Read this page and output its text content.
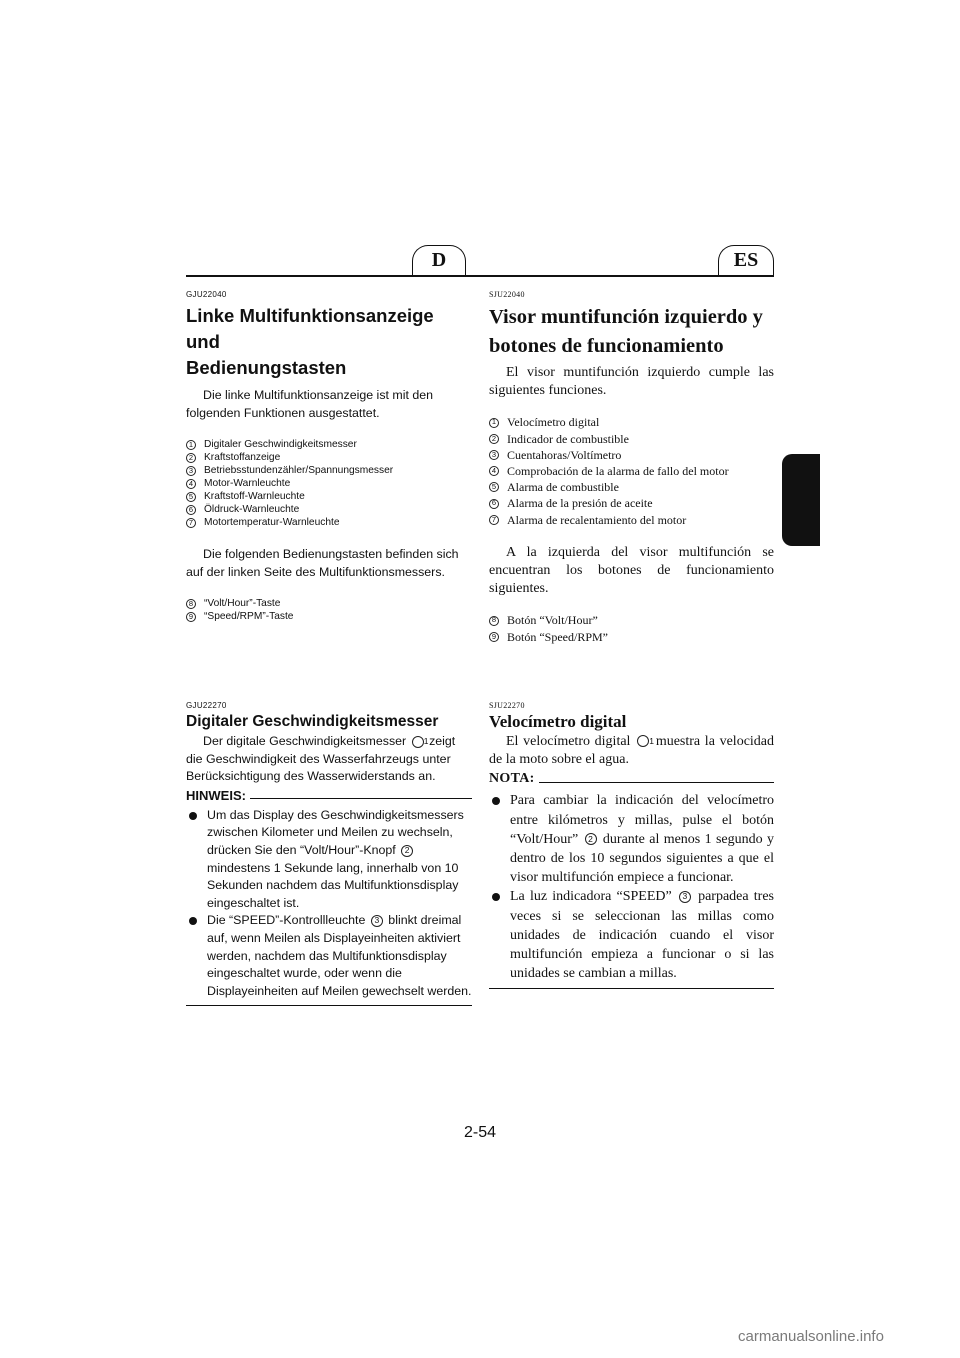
D	ES

GJU22040

Linke Multifunktionsanzeige und
Bedienungstasten

Die linke Multifunktionsanzeige ist mit den folgenden Funktionen ausgestattet.

1 Digitaler Geschwindigkeitsmesser
2 Kraftstoffanzeige
3 Betriebsstundenzähler/Spannungsmesser
4 Motor-Warnleuchte
5 Kraftstoff-Warnleuchte
6 Öldruck-Warnleuchte
7 Motortemperatur-Warnleuchte

Die folgenden Bedienungstasten befinden sich auf der linken Seite des Multifunktionsmessers.

8 “Volt/Hour”-Taste
9 “Speed/RPM”-Taste

SJU22040

Visor muntifunción izquierdo y
botones de funcionamiento

El visor muntifunción izquierdo cumple las siguientes funciones.

1 Velocímetro digital
2 Indicador de combustible
3 Cuentahoras/Voltímetro
4 Comprobación de la alarma de fallo del motor
5 Alarma de combustible
6 Alarma de la presión de aceite
7 Alarma de recalentamiento del motor

A la izquierda del visor multifunción se encuentran los botones de funcionamiento siguientes.

8 Botón “Volt/Hour”
9 Botón “Speed/RPM”

GJU22270

Digitaler Geschwindigkeitsmesser

Der digitale Geschwindigkeitsmesser 1 zeigt die Geschwindigkeit des Wasserfahrzeugs unter Berücksichtigung des Wasserwiderstands an.

HINWEIS:
Um das Display des Geschwindigkeitsmessers zwischen Kilometer und Meilen zu wechseln, drücken Sie den “Volt/Hour”-Knopf 2 mindestens 1 Sekunde lang, innerhalb von 10 Sekunden nachdem das Multifunktionsdisplay eingeschaltet ist.
Die “SPEED”-Kontrollleuchte 3 blinkt dreimal auf, wenn Meilen als Displayeinheiten aktiviert werden, nachdem das Multifunktionsdisplay eingeschaltet wurde, oder wenn die Displayeinheiten auf Meilen gewechselt werden.

SJU22270

Velocímetro digital

El velocímetro digital 1 muestra la velocidad de la moto sobre el agua.

NOTA:
Para cambiar la indicación del velocímetro entre kilómetros y millas, pulse el botón “Volt/Hour” 2 durante al menos 1 segundo y dentro de los 10 segundos siguientes a que el visor multifunción empiece a funcionar.
La luz indicadora “SPEED” 3 parpadea tres veces si se seleccionan las millas como unidades de indicación cuando el visor multifunción empieza a funcionar o si las unidades se cambian a millas.
2-54
carmanualsonline.info
